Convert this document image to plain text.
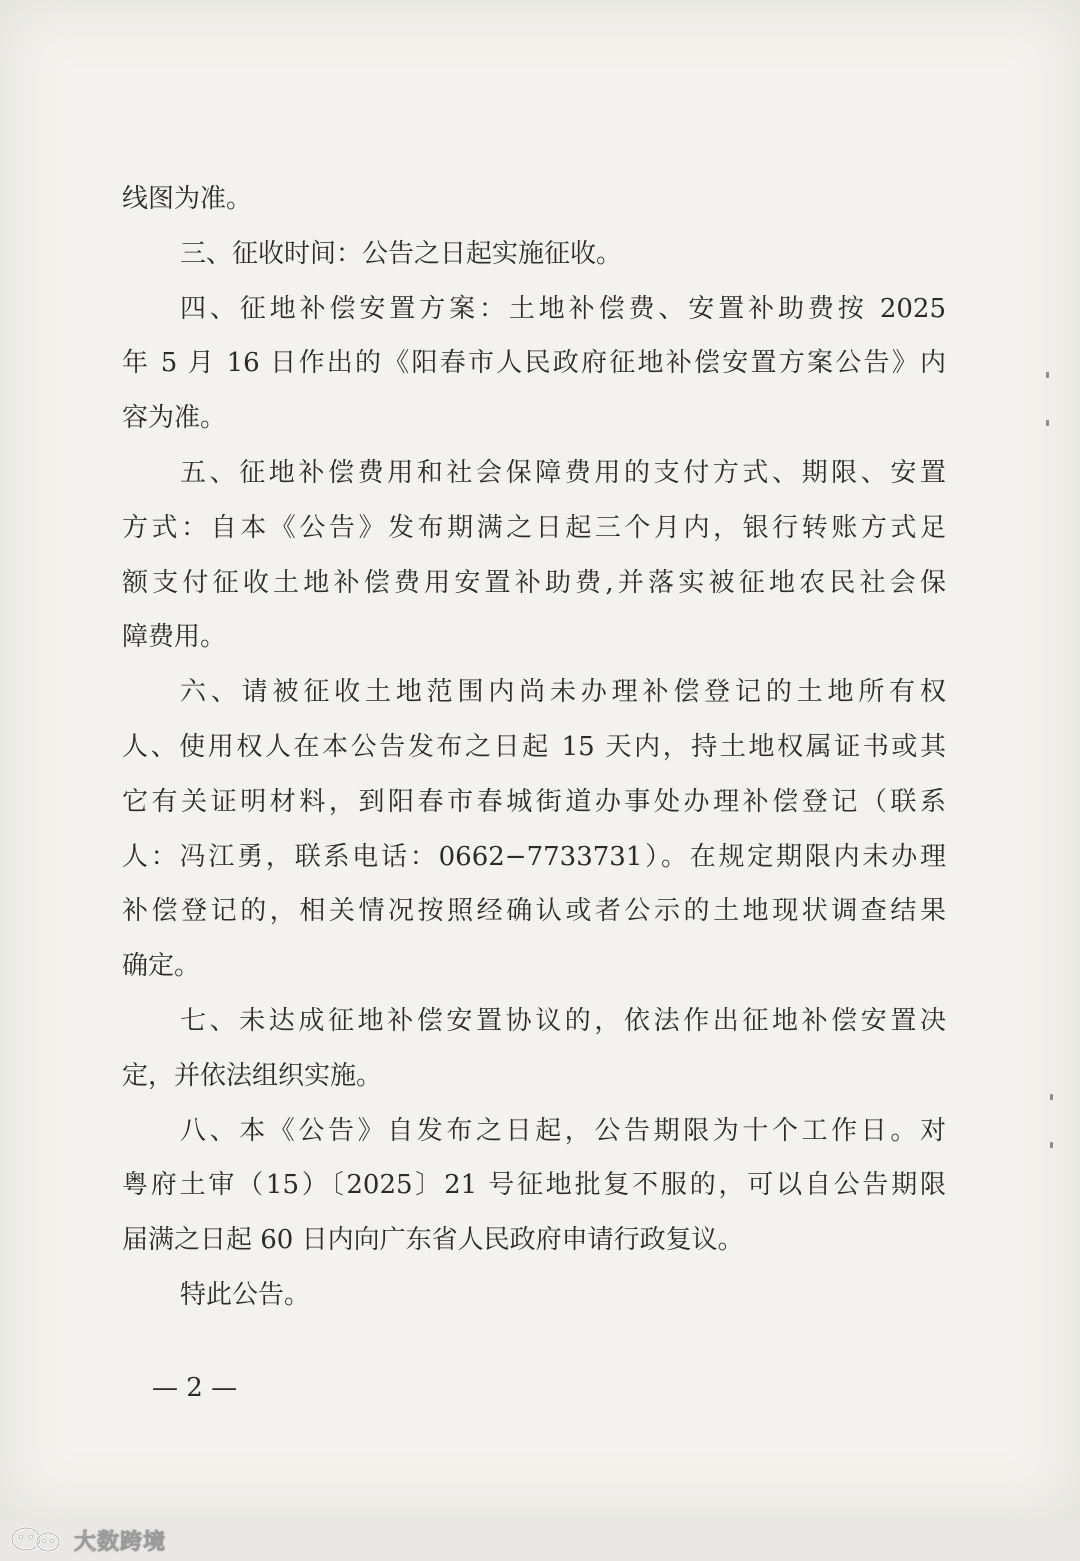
线图为准。
三、征收时间：公告之日起实施征收。
四、征地补偿安置方案：土地补偿费、安置补助费按 2025
年 5 月 16 日作出的《阳春市人民政府征地补偿安置方案公告》内
容为准。
五、征地补偿费用和社会保障费用的支付方式、期限、安置
方式：自本《公告》发布期满之日起三个月内，银行转账方式足
额支付征收土地补偿费用安置补助费,并落实被征地农民社会保
障费用。
六、请被征收土地范围内尚未办理补偿登记的土地所有权
人、使用权人在本公告发布之日起 15 天内，持土地权属证书或其
它有关证明材料，到阳春市春城街道办事处办理补偿登记（联系
人：冯江勇，联系电话：0662−7733731）。在规定期限内未办理
补偿登记的，相关情况按照经确认或者公示的土地现状调查结果
确定。
七、未达成征地补偿安置协议的，依法作出征地补偿安置决
定，并依法组织实施。
八、本《公告》自发布之日起，公告期限为十个工作日。对
粤府土审（15）〔2025〕21 号征地批复不服的，可以自公告期限
届满之日起 60 日内向广东省人民政府申请行政复议。
特此公告。
— 2 —
大数跨境
